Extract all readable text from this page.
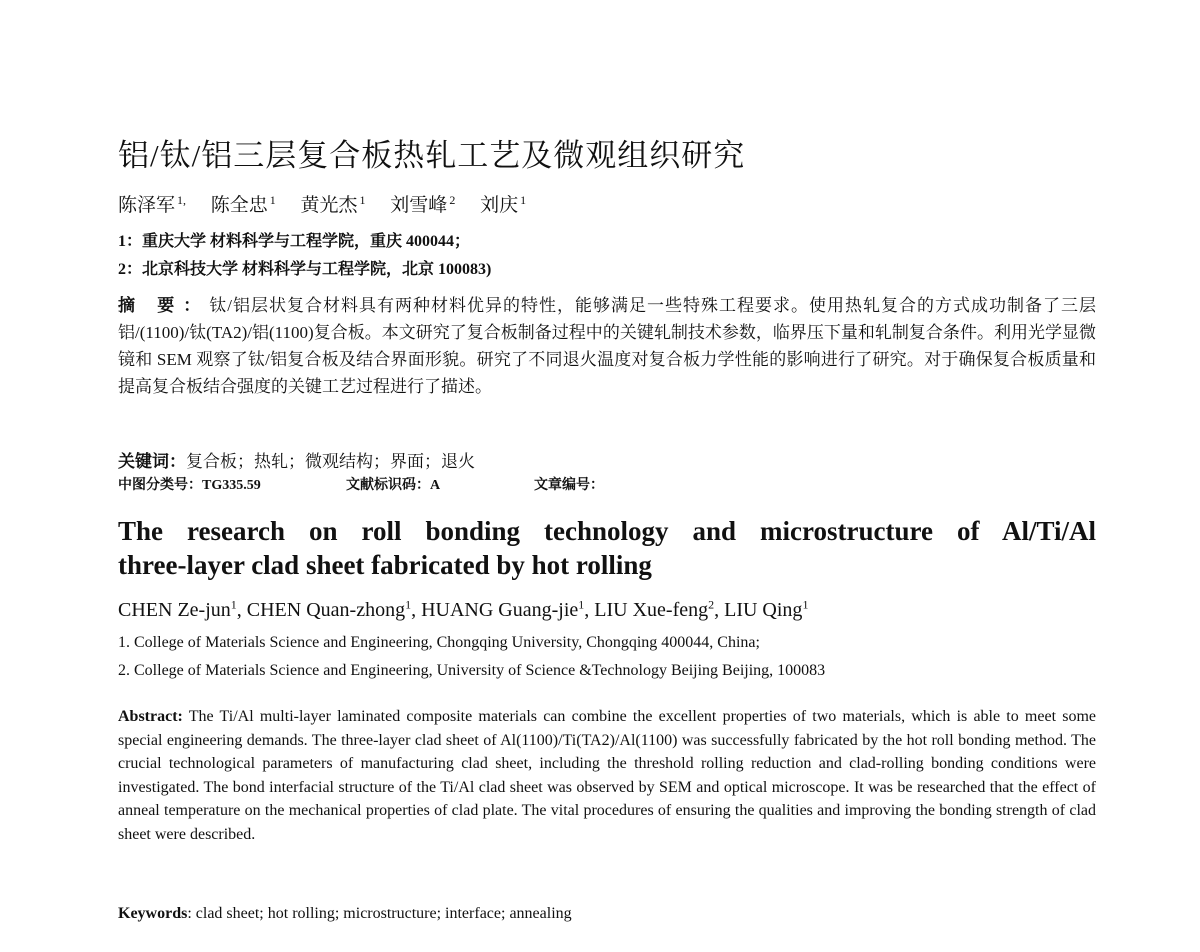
铝/钛/铝三层复合板热轧工艺及微观组织研究
陈泽军 $^{1,}$ 陈全忠 $^1$ 黄光杰 $^1$ 刘雪峰 $^2$ 刘庆 $^1$
1：重庆大学 材料科学与工程学院，重庆 400044；
2：北京科技大学 材料科学与工程学院，北京 100083)
摘 要：钛/铝层状复合材料具有两种材料优异的特性，能够满足一些特殊工程要求。使用热轧复合的方式成功制备了三层铝/(1100)/钛(TA2)/铝(1100)复合板。本文研究了复合板制备过程中的关键轧制技术参数，临界压下量和轧制复合条件。利用光学显微镜和 SEM 观察了钛/铝复合板及结合界面形貌。研究了不同退火温度对复合板力学性能的影响进行了研究。对于确保复合板质量和提高复合板结合强度的关键工艺过程进行了描述。
关键词：复合板；热轧；微观结构；界面；退火
中图分类号：TG335.59	文献标识码：A	文章编号：
The research on roll bonding technology and microstructure of Al/Ti/Al
three-layer clad sheet fabricated by hot rolling
CHEN Ze-jun$^1$, CHEN Quan-zhong$^1$, HUANG Guang-jie$^1$, LIU Xue-feng$^2$, LIU Qing$^1$
1. College of Materials Science and Engineering, Chongqing University, Chongqing 400044, China;
2. College of Materials Science and Engineering, University of Science &Technology Beijing Beijing, 100083
Abstract: The Ti/Al multi-layer laminated composite materials can combine the excellent properties of two materials, which is able to meet some special engineering demands. The three-layer clad sheet of Al(1100)/Ti(TA2)/Al(1100) was successfully fabricated by the hot roll bonding method. The crucial technological parameters of manufacturing clad sheet, including the threshold rolling reduction and clad-rolling bonding conditions were investigated. The bond interfacial structure of the Ti/Al clad sheet was observed by SEM and optical microscope. It was be researched that the effect of anneal temperature on the mechanical properties of clad plate. The vital procedures of ensuring the qualities and improving the bonding strength of clad sheet were described.
Keywords: clad sheet; hot rolling; microstructure; interface; annealing
